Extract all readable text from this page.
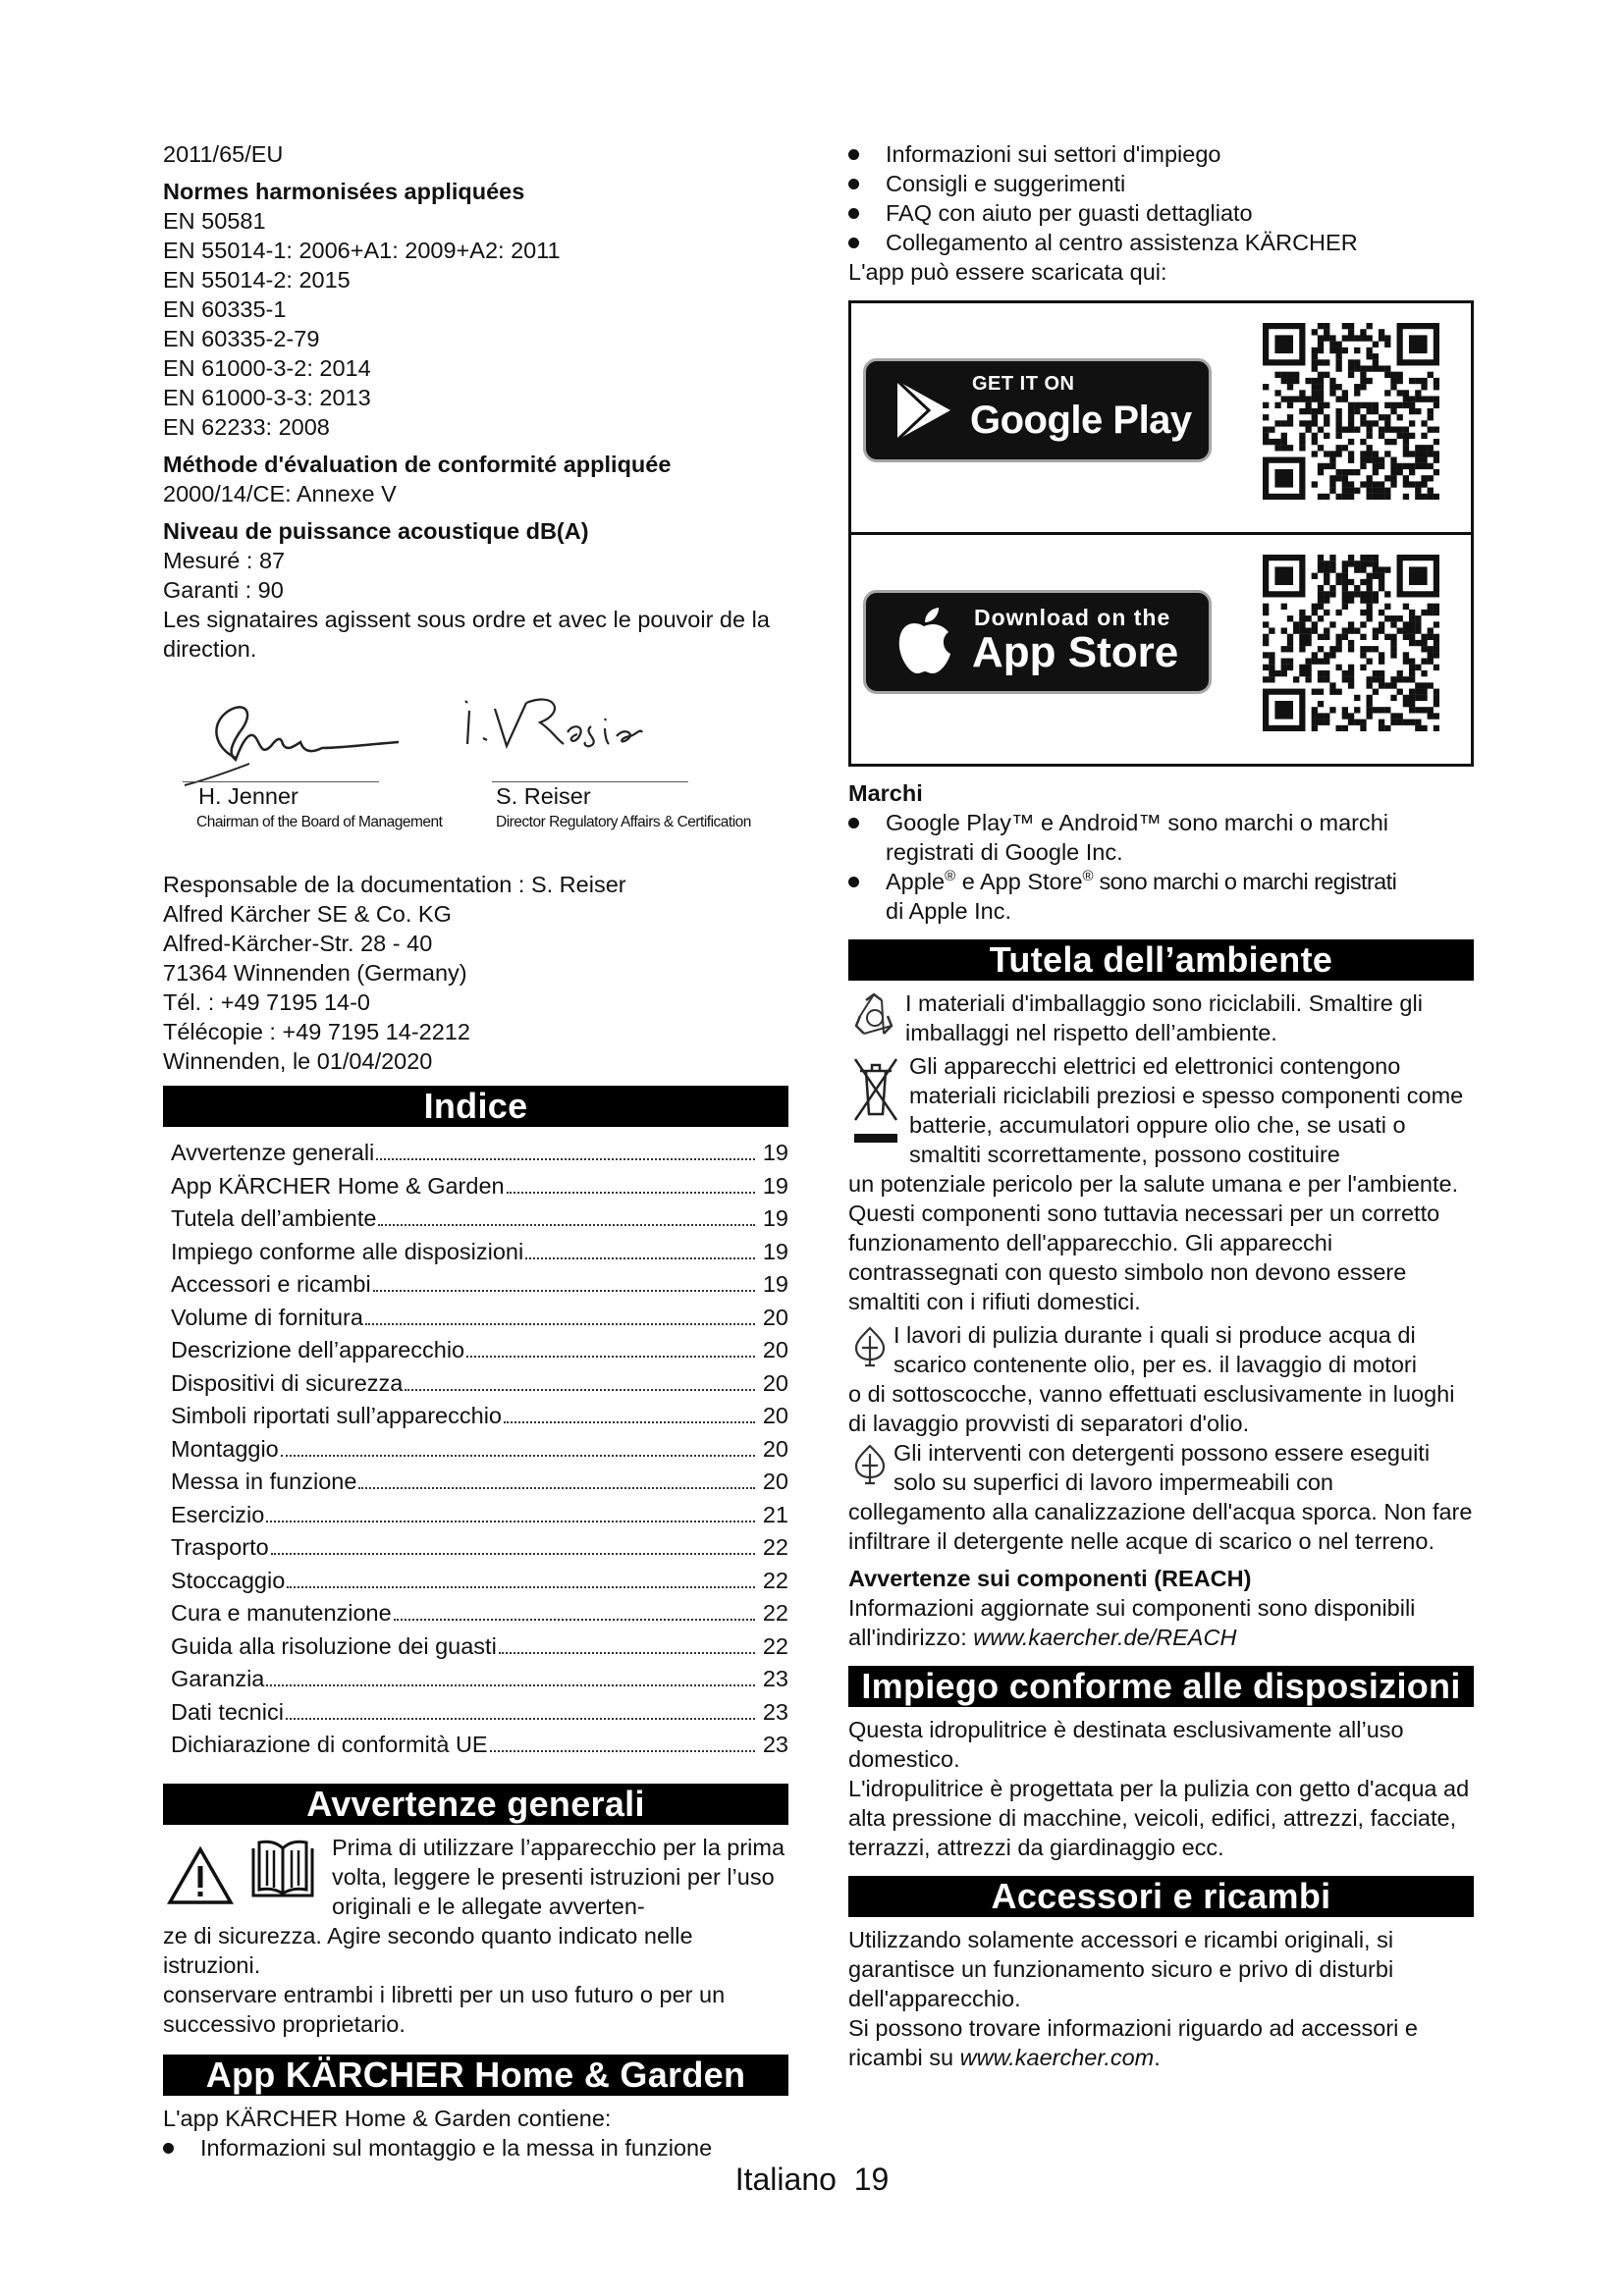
2011/65/EU

Normes harmonisées appliquées

EN 50581

EN 55014-1: 2006+A1: 2009+A2: 2011

EN 55014-2: 2015

EN 60335-1

EN 60335-2-79

EN 61000-3-2: 2014

EN 61000-3-3: 2013

EN 62233: 2008

Méthode d'évaluation de conformité appliquée

2000/14/CE: Annexe V

Niveau de puissance acoustique dB(A)

Mesuré : 87

Garanti : 90

Les signataires agissent sous ordre et avec le pouvoir de la direction.

H. Jenner

Chairman of the Board of Management

S. Reiser

Director Regulatory Affairs & Certification

Responsable de la documentation : S. Reiser

Alfred Kärcher SE & Co. KG

Alfred-Kärcher-Str. 28 - 40

71364 Winnenden (Germany)

Tél. : +49 7195 14-0

Télécopie : +49 7195 14-2212

Winnenden, le 01/04/2020

Indice
Avvertenze generali	19
App KÄRCHER Home & Garden	19
Tutela dell’ambiente	19
Impiego conforme alle disposizioni	19
Accessori e ricambi	19
Volume di fornitura	20
Descrizione dell’apparecchio	20
Dispositivi di sicurezza	20
Simboli riportati sull’apparecchio	20
Montaggio	20
Messa in funzione	20
Esercizio	21
Trasporto	22
Stoccaggio	22
Cura e manutenzione	22
Guida alla risoluzione dei guasti	22
Garanzia	23
Dati tecnici	23
Dichiarazione di conformità UE	23
Avvertenze generali

Prima di utilizzare l’apparecchio per la prima volta, leggere le presenti istruzioni per l’uso originali e le allegate avverten-

ze di sicurezza. Agire secondo quanto indicato nelle istruzioni.

conservare entrambi i libretti per un uso futuro o per un successivo proprietario.

App KÄRCHER Home & Garden

L'app KÄRCHER Home & Garden contiene:

Informazioni sul montaggio e la messa in funzione

Informazioni sui settori d'impiego

Consigli e suggerimenti

FAQ con aiuto per guasti dettagliato

Collegamento al centro assistenza KÄRCHER

L'app può essere scaricata qui:

GET IT ON
Google Play
Download on the
App Store

Marchi

Google Play™ e Android™ sono marchi o marchi

registrati di Google Inc.

Apple® e App Store® sono marchi o marchi registrati

di Apple Inc.

Tutela dell’ambiente

I materiali d'imballaggio sono riciclabili. Smaltire gli imballaggi nel rispetto dell’ambiente.

Gli apparecchi elettrici ed elettronici contengono materiali riciclabili preziosi e spesso componenti come batterie, accumulatori oppure olio che, se usati o smaltiti scorrettamente, possono costituire

un potenziale pericolo per la salute umana e per l'ambiente. Questi componenti sono tuttavia necessari per un corretto funzionamento dell'apparecchio. Gli apparecchi contrassegnati con questo simbolo non devono essere smaltiti con i rifiuti domestici.

I lavori di pulizia durante i quali si produce acqua di scarico contenente olio, per es. il lavaggio di motori

o di sottoscocche, vanno effettuati esclusivamente in luoghi di lavaggio provvisti di separatori d'olio.

Gli interventi con detergenti possono essere eseguiti solo su superfici di lavoro impermeabili con

collegamento alla canalizzazione dell'acqua sporca. Non fare infiltrare il detergente nelle acque di scarico o nel terreno.

Avvertenze sui componenti (REACH)

Informazioni aggiornate sui componenti sono disponibili all'indirizzo: www.kaercher.de/REACH

Impiego conforme alle disposizioni

Questa idropulitrice è destinata esclusivamente all’uso domestico.

L'idropulitrice è progettata per la pulizia con getto d'acqua ad alta pressione di macchine, veicoli, edifici, attrezzi, facciate, terrazzi, attrezzi da giardinaggio ecc.

Accessori e ricambi

Utilizzando solamente accessori e ricambi originali, si garantisce un funzionamento sicuro e privo di disturbi dell'apparecchio.

Si possono trovare informazioni riguardo ad accessori e ricambi su www.kaercher.com.

Italiano 19
